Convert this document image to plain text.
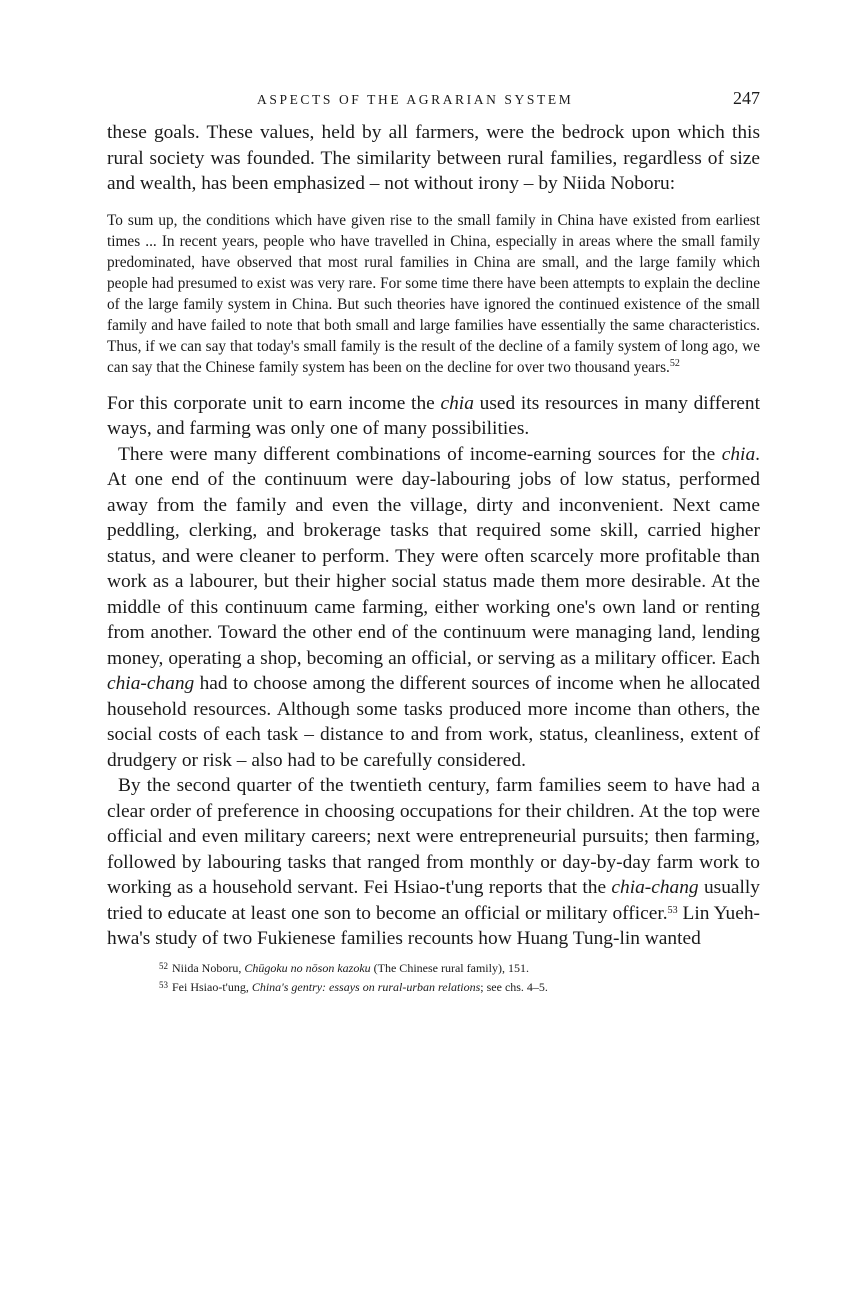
ASPECTS OF THE AGRARIAN SYSTEM	247

these goals. These values, held by all farmers, were the bedrock upon which this rural society was founded. The similarity between rural families, regardless of size and wealth, has been emphasized – not without irony – by Niida Noboru:

To sum up, the conditions which have given rise to the small family in China have existed from earliest times ... In recent years, people who have travelled in China, especially in areas where the small family predominated, have observed that most rural families in China are small, and the large family which people had presumed to exist was very rare. For some time there have been attempts to explain the decline of the large family system in China. But such theories have ignored the continued existence of the small family and have failed to note that both small and large families have essentially the same characteristics. Thus, if we can say that today's small family is the result of the decline of a family system of long ago, we can say that the Chinese family system has been on the decline for over two thousand years.$^{52}$

For this corporate unit to earn income the chia used its resources in many different ways, and farming was only one of many possibilities.

There were many different combinations of income-earning sources for the chia. At one end of the continuum were day-labouring jobs of low status, performed away from the family and even the village, dirty and inconvenient. Next came peddling, clerking, and brokerage tasks that required some skill, carried higher status, and were cleaner to perform. They were often scarcely more profitable than work as a labourer, but their higher social status made them more desirable. At the middle of this continuum came farming, either working one's own land or renting from another. Toward the other end of the continuum were managing land, lending money, operating a shop, becoming an official, or serving as a military officer. Each chia-chang had to choose among the different sources of income when he allocated household resources. Although some tasks produced more income than others, the social costs of each task – distance to and from work, status, cleanliness, extent of drudgery or risk – also had to be carefully considered.

By the second quarter of the twentieth century, farm families seem to have had a clear order of preference in choosing occupations for their children. At the top were official and even military careers; next were entrepreneurial pursuits; then farming, followed by labouring tasks that ranged from monthly or day-by-day farm work to working as a household servant. Fei Hsiao-t'ung reports that the chia-chang usually tried to educate at least one son to become an official or military officer.$^{53}$ Lin Yueh-hwa's study of two Fukienese families recounts how Huang Tung-lin wanted

$^{52}$ Niida Noboru, Chūgoku no nōson kazoku (The Chinese rural family), 151.
$^{53}$ Fei Hsiao-t'ung, China's gentry: essays on rural-urban relations; see chs. 4–5.
